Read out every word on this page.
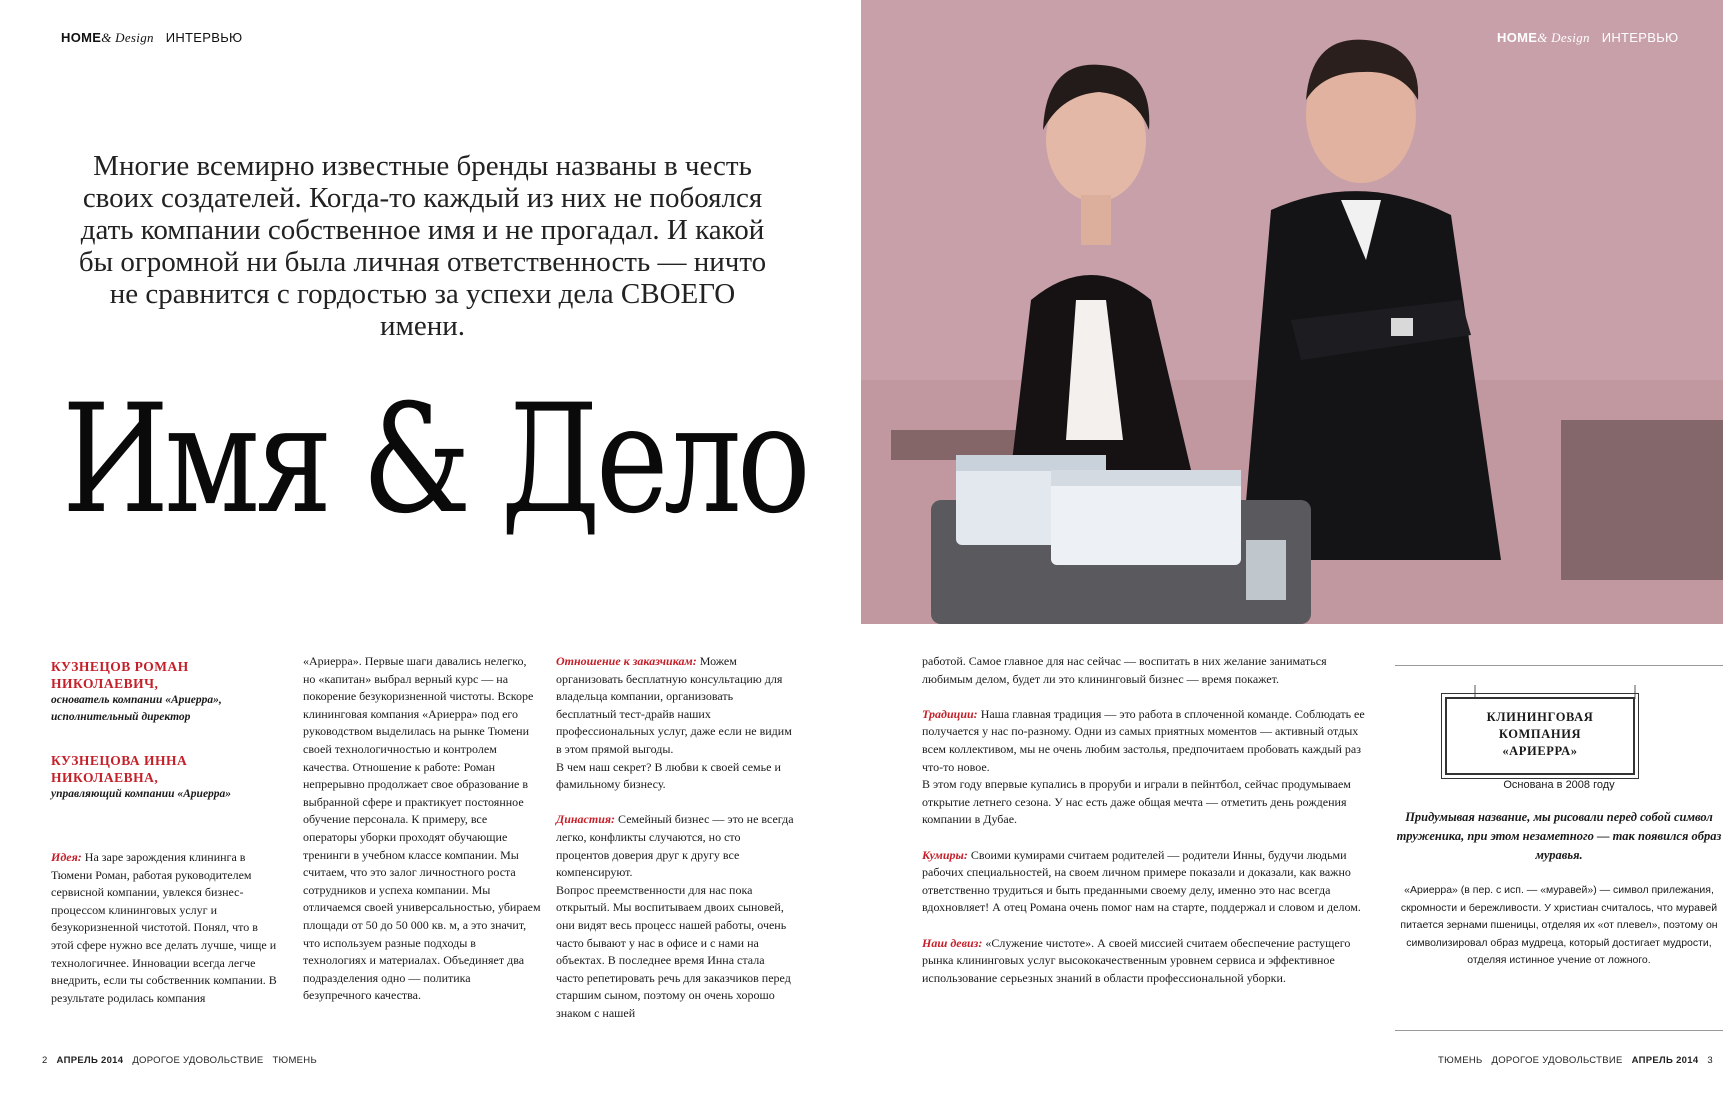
HOME& Design ИНТЕРВЬЮ

Многие всемирно известные бренды названы в честь своих создателей. Когда-то каждый из них не побоялся дать компании собственное имя и не прогадал. И какой бы огромной ни была личная ответственность — ничто не сравнится с гордостью за успехи дела СВОЕГО имени.

Имя & Дело
HOME& Design ИНТЕРВЬЮ
КУЗНЕЦОВ РОМАН НИКОЛАЕВИЧ,
основатель компании «Ариерра», исполнительный директор
КУЗНЕЦОВА ИННА НИКОЛАЕВНА,
управляющий компании «Ариерра»

Идея: На заре зарождения клининга в Тюмени Роман, работая руководителем сервисной компании, увлекся бизнес-процессом клининговых услуг и безукоризненной чистотой. Понял, что в этой сфере нужно все делать лучше, чище и технологичнее. Инновации всегда легче внедрить, если ты собственник компании. В результате родилась компания

«Ариерра». Первые шаги давались нелегко, но «капитан» выбрал верный курс — на покорение безукоризненной чистоты. Вскоре клининговая компания «Ариерра» под его руководством выделилась на рынке Тюмени своей технологичностью и контролем качества. Отношение к работе: Роман непрерывно продолжает свое образование в выбранной сфере и практикует постоянное обучение персонала. К примеру, все операторы уборки проходят обучающие тренинги в учебном классе компании. Мы считаем, что это залог личностного роста сотрудников и успеха компании. Мы отличаемся своей универсальностью, убираем площади от 50 до 50 000 кв. м, а это значит, что используем разные подходы в технологиях и материалах. Объединяет два подразделения одно — политика безупречного качества.

Отношение к заказчикам: Можем организовать бесплатную консультацию для владельца компании, организовать бесплатный тест-драйв наших профессиональных услуг, даже если не видим в этом прямой выгоды.

В чем наш секрет? В любви к своей семье и фамильному бизнесу.

Династия: Семейный бизнес — это не всегда легко, конфликты случаются, но сто процентов доверия друг к другу все компенсируют.

Вопрос преемственности для нас пока открытый. Мы воспитываем двоих сыновей, они видят весь процесс нашей работы, очень часто бывают у нас в офисе и с нами на объектах. В последнее время Инна стала часто репетировать речь для заказчиков перед старшим сыном, поэтому он очень хорошо знаком с нашей

работой. Самое главное для нас сейчас — воспитать в них желание заниматься любимым делом, будет ли это клининговый бизнес — время покажет.

Традиции: Наша главная традиция — это работа в сплоченной команде. Соблюдать ее получается у нас по-разному. Одни из самых приятных моментов — активный отдых всем коллективом, мы не очень любим застолья, предпочитаем пробовать каждый раз что-то новое.

В этом году впервые купались в проруби и играли в пейнтбол, сейчас продумываем открытие летнего сезона. У нас есть даже общая мечта — отметить день рождения компании в Дубае.

Кумиры: Своими кумирами считаем родителей — родители Инны, будучи людьми рабочих специальностей, на своем личном примере показали и доказали, как важно ответственно трудиться и быть преданными своему делу, именно это нас всегда вдохновляет! А отец Романа очень помог нам на старте, поддержал и словом и делом.

Наш девиз: «Служение чистоте». А своей миссией считаем обеспечение растущего рынка клининговых услуг высококачественным уровнем сервиса и эффективное использование серьезных знаний в области профессиональной уборки.

КЛИНИНГОВАЯ
КОМПАНИЯ
«АРИЕРРА»
Основана в 2008 году
Придумывая название, мы рисовали перед собой символ труженика, при этом незаметного — так появился образ муравья.
«Ариерра» (в пер. с исп. — «муравей») — символ прилежания, скромности и бережливости. У христиан считалось, что муравей питается зернами пшеницы, отделяя их «от плевел», поэтому он символизировал образ мудреца, который достигает мудрости, отделяя истинное учение от ложного.
2 АПРЕЛЬ 2014 ДОРОГОЕ УДОВОЛЬСТВИЕ ТЮМЕНЬ	ТЮМЕНЬ ДОРОГОЕ УДОВОЛЬСТВИЕ АПРЕЛЬ 2014 3
